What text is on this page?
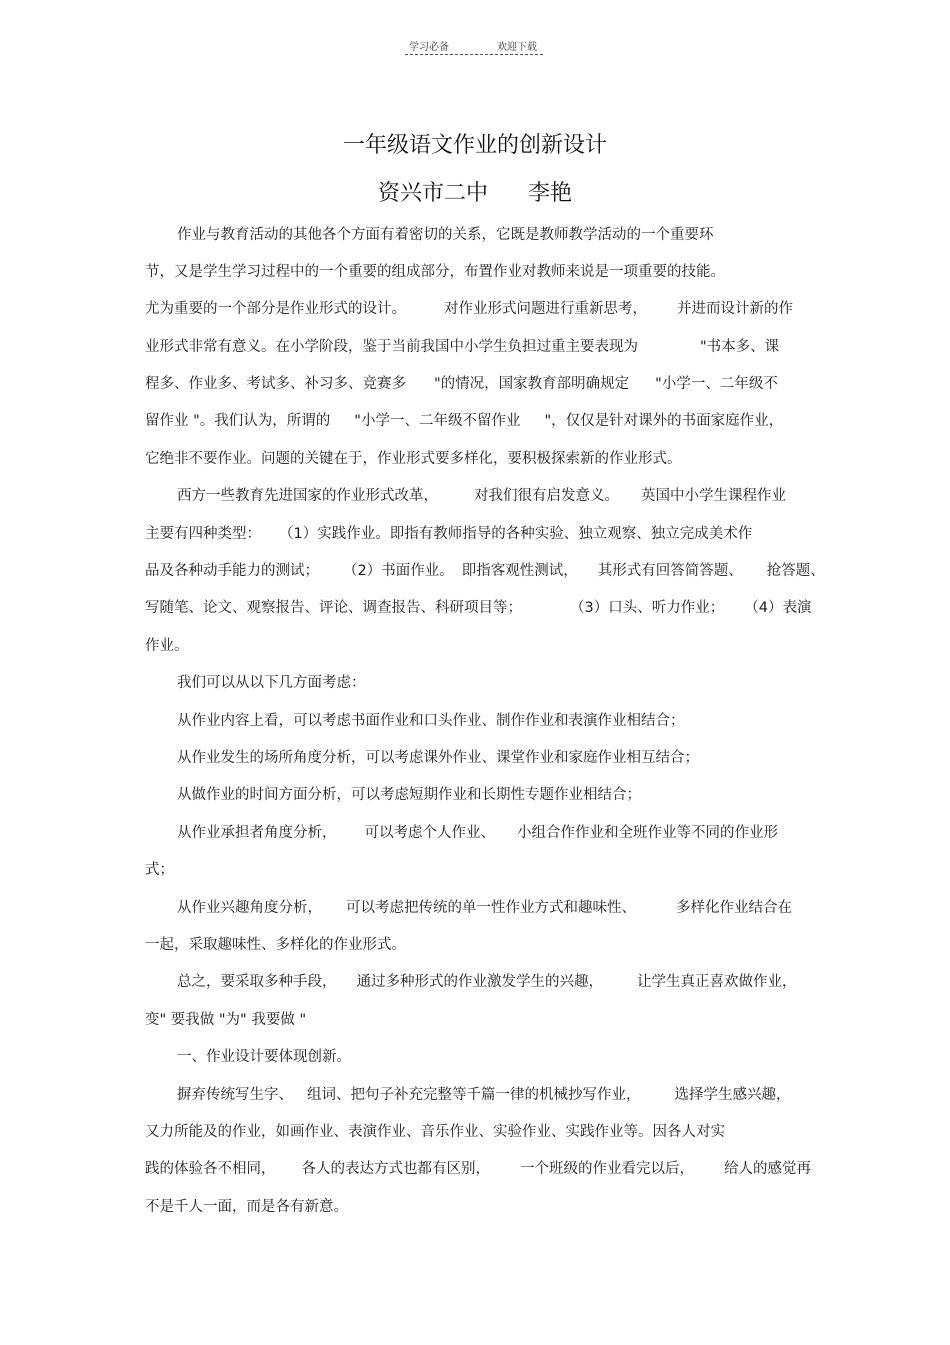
学习必备	欢迎下载
一年级语文作业的创新设计
资兴市二中 李艳
作业与教育活动的其他各个方面有着密切的关系，它既是教师教学活动的一个重要环
节，又是学生学习过程中的一个重要的组成部分，布置作业对教师来说是一项重要的技能。
尤为重要的一个部分是作业形式的设计。	对作业形式问题进行重新思考， 并进而设计新的作
业形式非常有意义。在小学阶段，鉴于当前我国中小学生负担过重主要表现为	"书本多、课
程多、作业多、考试多、补习多、竞赛多 "的情况，国家教育部明确规定 "小学一、二年级不
留作业 "。我们认为，所谓的 "小学一、二年级不留作业 "，仅仅是针对课外的书面家庭作业，
它绝非不要作业。问题的关键在于，作业形式要多样化，要积极探索新的作业形式。
西方一些教育先进国家的作业形式改革， 对我们很有启发意义。 英国中小学生课程作业
主要有四种类型： （1）实践作业。即指有教师指导的各种实验、独立观察、独立完成美术作
品及各种动手能力的测试； （2）书面作业。 即指客观性测试， 其形式有回答简答题、 抢答题、
写随笔、论文、观察报告、评论、调查报告、科研项目等；	（3）口头、听力作业； （4）表演
作业。
我们可以从以下几方面考虑：
从作业内容上看，可以考虑书面作业和口头作业、制作作业和表演作业相结合；
从作业发生的场所角度分析，可以考虑课外作业、课堂作业和家庭作业相互结合；
从做作业的时间方面分析，可以考虑短期作业和长期性专题作业相结合；
从作业承担者角度分析， 可以考虑个人作业、 小组合作作业和全班作业等不同的作业形
式；
从作业兴趣角度分析， 可以考虑把传统的单一性作业方式和趣味性、	多样化作业结合在
一起，采取趣味性、多样化的作业形式。
总之，要采取多种手段， 通过多种形式的作业激发学生的兴趣， 让学生真正喜欢做作业，
变" 要我做 "为" 我要做 "
一、作业设计要体现创新。
摒弃传统写生字、 组词、把句子补充完整等千篇一律的机械抄写作业， 选择学生感兴趣，
又力所能及的作业，如画作业、表演作业、音乐作业、实验作业、实践作业等。因各人对实
践的体验各不相同， 各人的表达方式也都有区别， 一个班级的作业看完以后， 给人的感觉再
不是千人一面，而是各有新意。
